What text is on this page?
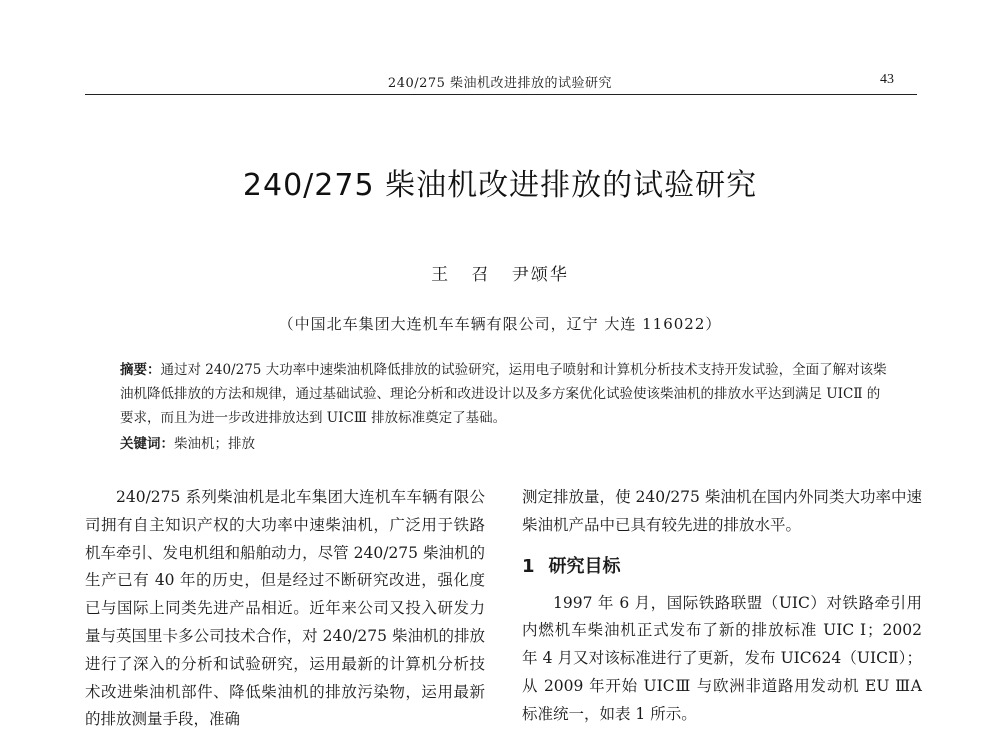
240/275 柴油机改进排放的试验研究	43
240/275 柴油机改进排放的试验研究
王 召 尹颂华
（中国北车集团大连机车车辆有限公司，辽宁 大连 116022）
摘要：通过对 240/275 大功率中速柴油机降低排放的试验研究，运用电子喷射和计算机分析技术支持开发试验，全面了解对该柴油机降低排放的方法和规律，通过基础试验、理论分析和改进设计以及多方案优化试验使该柴油机的排放水平达到满足 UICⅡ 的要求，而且为进一步改进排放达到 UICⅢ 排放标准奠定了基础。
关键词：柴油机；排放

240/275 系列柴油机是北车集团大连机车车辆有限公司拥有自主知识产权的大功率中速柴油机，广泛用于铁路机车牵引、发电机组和船舶动力，尽管 240/275 柴油机的生产已有 40 年的历史，但是经过不断研究改进，强化度已与国际上同类先进产品相近。近年来公司又投入研发力量与英国里卡多公司技术合作，对 240/275 柴油机的排放进行了深入的分析和试验研究，运用最新的计算机分析技术改进柴油机部件、降低柴油机的排放污染物，运用最新的排放测量手段，准确

测定排放量，使 240/275 柴油机在国内外同类大功率中速柴油机产品中已具有较先进的排放水平。

1 研究目标

1997 年 6 月，国际铁路联盟（UIC）对铁路牵引用内燃机车柴油机正式发布了新的排放标准 UIC Ⅰ；2002 年 4 月又对该标准进行了更新，发布 UIC624（UICⅡ）；从 2009 年开始 UICⅢ 与欧洲非道路用发动机 EU ⅢA 标准统一，如表 1 所示。
